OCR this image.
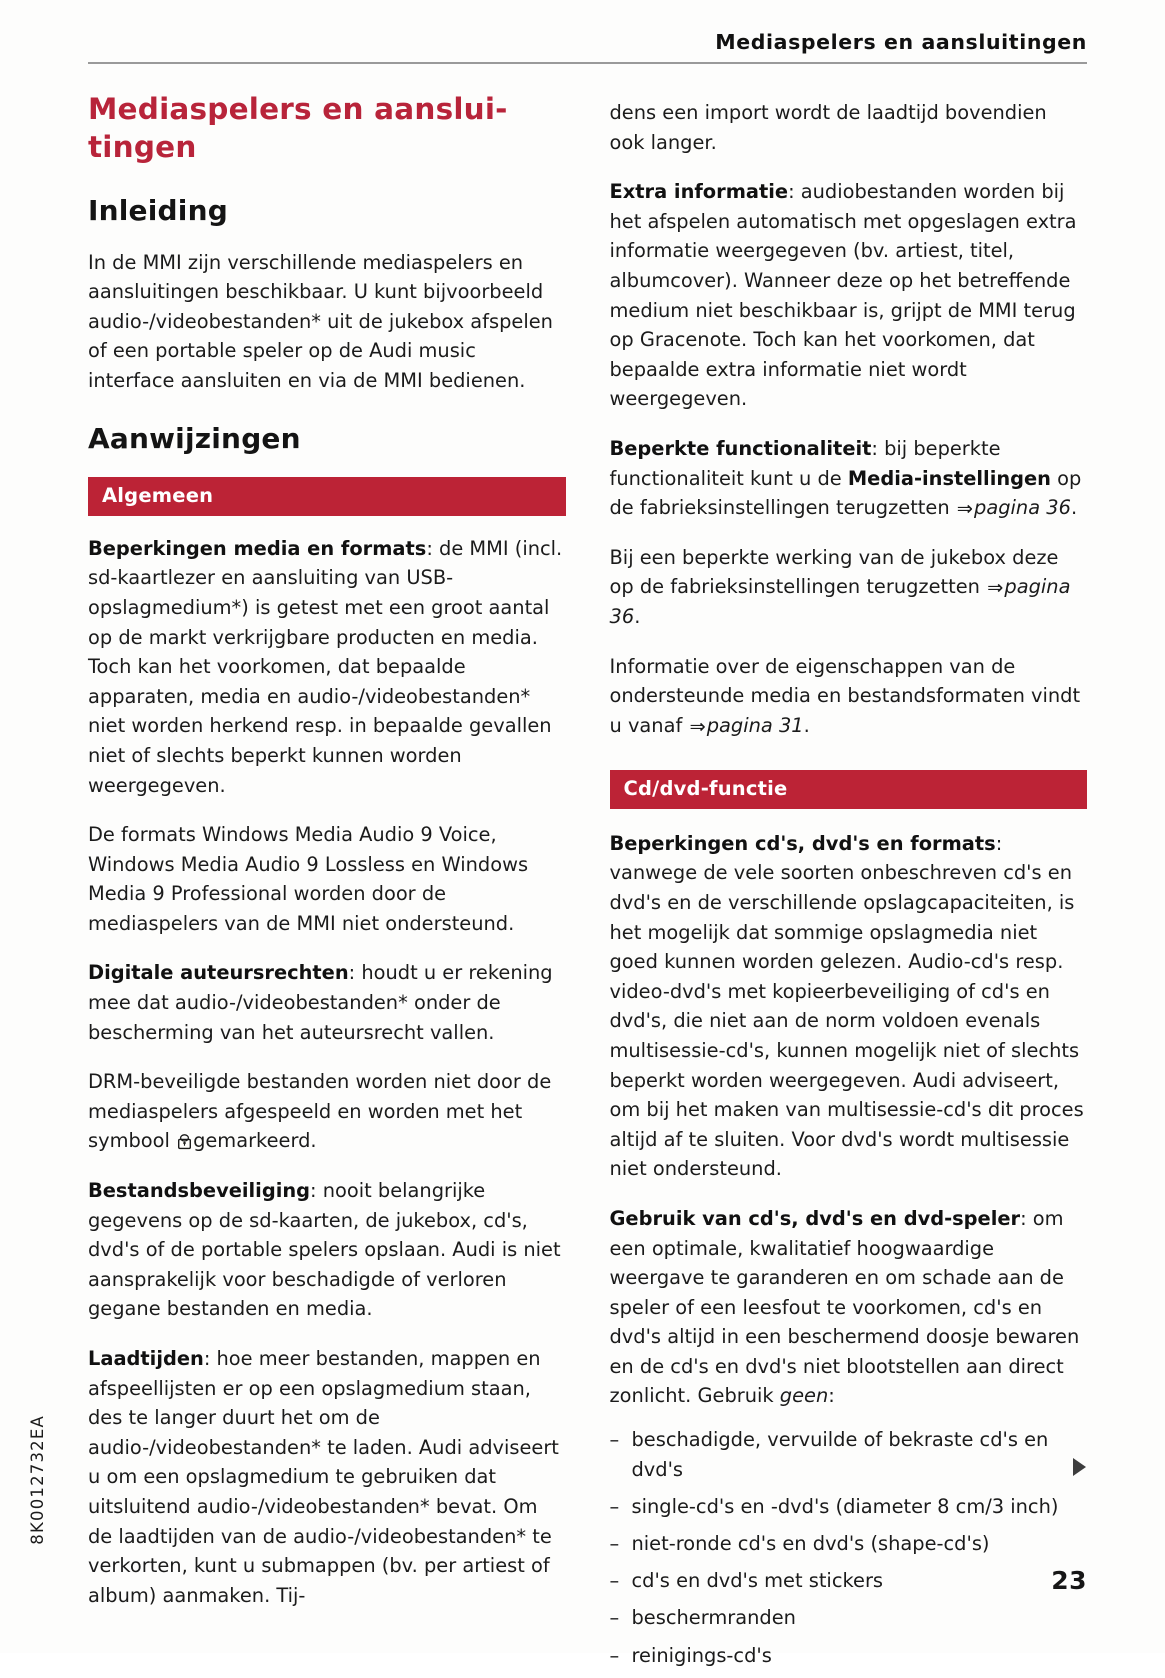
Mediaspelers en aansluitingen
Mediaspelers en aansluitingen
Inleiding

In de MMI zijn verschillende mediaspelers en aansluitingen beschikbaar. U kunt bijvoorbeeld audio-/videobestanden* uit de jukebox afspelen of een portable speler op de Audi music interface aansluiten en via de MMI bedienen.

Aanwijzingen
Algemeen

Beperkingen media en formats: de MMI (incl. sd-kaartlezer en aansluiting van USB-opslagmedium*) is getest met een groot aantal op de markt verkrijgbare producten en media. Toch kan het voorkomen, dat bepaalde apparaten, media en audio-/videobestanden* niet worden herkend resp. in bepaalde gevallen niet of slechts beperkt kunnen worden weergegeven.

De formats Windows Media Audio 9 Voice, Windows Media Audio 9 Lossless en Windows Media 9 Professional worden door de mediaspelers van de MMI niet ondersteund.

Digitale auteursrechten: houdt u er rekening mee dat audio-/videobestanden* onder de bescherming van het auteursrecht vallen.

DRM-beveiligde bestanden worden niet door de mediaspelers afgespeeld en worden met het symbool gemarkeerd.

Bestandsbeveiliging: nooit belangrijke gegevens op de sd-kaarten, de jukebox, cd's, dvd's of de portable spelers opslaan. Audi is niet aansprakelijk voor beschadigde of verloren gegane bestanden en media.

Laadtijden: hoe meer bestanden, mappen en afspeellijsten er op een opslagmedium staan, des te langer duurt het om de audio-/videobestanden* te laden. Audi adviseert u om een opslagmedium te gebruiken dat uitsluitend audio-/videobestanden* bevat. Om de laadtijden van de audio-/videobestanden* te verkorten, kunt u submappen (bv. per artiest of album) aanmaken. Tij-

dens een import wordt de laadtijd bovendien ook langer.

Extra informatie: audiobestanden worden bij het afspelen automatisch met opgeslagen extra informatie weergegeven (bv. artiest, titel, albumcover). Wanneer deze op het betreffende medium niet beschikbaar is, grijpt de MMI terug op Gracenote. Toch kan het voorkomen, dat bepaalde extra informatie niet wordt weergegeven.

Beperkte functionaliteit: bij beperkte functionaliteit kunt u de Media-instellingen op de fabrieksinstellingen terugzetten ⇒pagina 36.

Bij een beperkte werking van de jukebox deze op de fabrieksinstellingen terugzetten ⇒pagina 36.

Informatie over de eigenschappen van de ondersteunde media en bestandsformaten vindt u vanaf ⇒pagina 31.

Cd/dvd-functie

Beperkingen cd's, dvd's en formats: vanwege de vele soorten onbeschreven cd's en dvd's en de verschillende opslagcapaciteiten, is het mogelijk dat sommige opslagmedia niet goed kunnen worden gelezen. Audio-cd's resp. video-dvd's met kopieerbeveiliging of cd's en dvd's, die niet aan de norm voldoen evenals multisessie-cd's, kunnen mogelijk niet of slechts beperkt worden weergegeven. Audi adviseert, om bij het maken van multisessie-cd's dit proces altijd af te sluiten. Voor dvd's wordt multisessie niet ondersteund.

Gebruik van cd's, dvd's en dvd-speler: om een optimale, kwalitatief hoogwaardige weergave te garanderen en om schade aan de speler of een leesfout te voorkomen, cd's en dvd's altijd in een beschermend doosje bewaren en de cd's en dvd's niet blootstellen aan direct zonlicht. Gebruik geen:

– beschadigde, vervuilde of bekraste cd's en dvd's
– single-cd's en -dvd's (diameter 8 cm/3 inch)
– niet-ronde cd's en dvd's (shape-cd's)
– cd's en dvd's met stickers
– beschermranden
– reinigings-cd's
8K0012732EA
23
